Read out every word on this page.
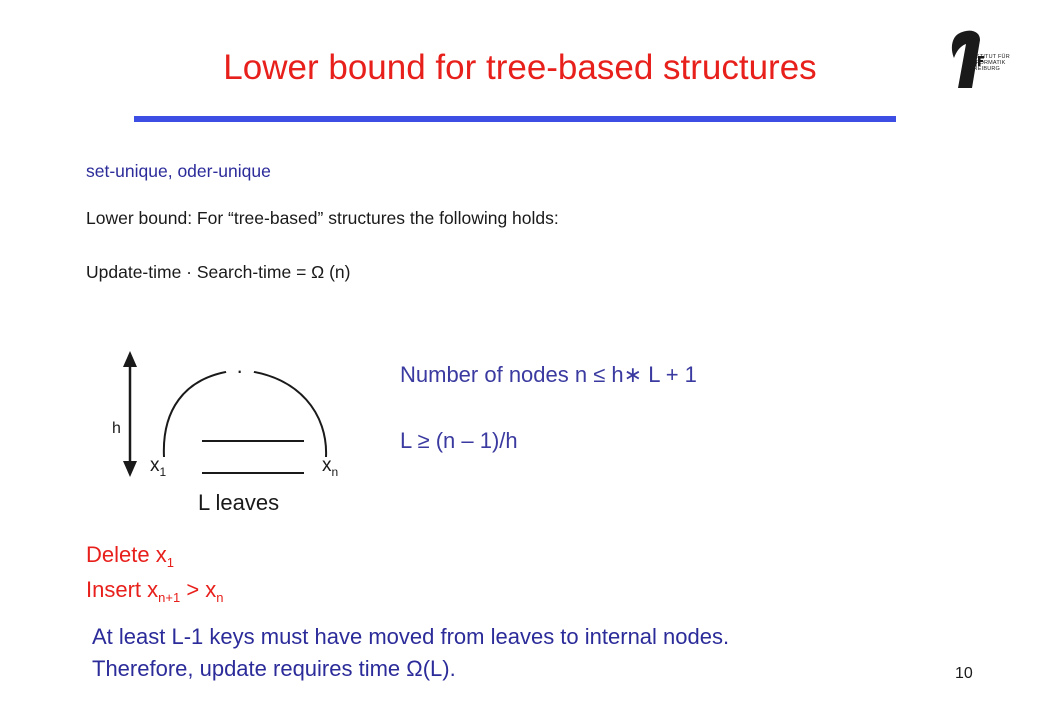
Lower bound for tree-based structures	INSTITUT FÜR
INFORMATIK
FREIBURG
set-unique, oder-unique
Lower bound: For “tree-based” structures the following holds:
Update-time · Search-time = Ω (n)
h
·
$x_1$	$x_n$
L leaves
Number of nodes n ≤ h∗ L + 1
L ≥ (n – 1)/h
Delete $x_1$
Insert $x_{n+1} > x_n$
At least L-1 keys must have moved from leaves to internal nodes.
Therefore, update requires time Ω(L).	10
